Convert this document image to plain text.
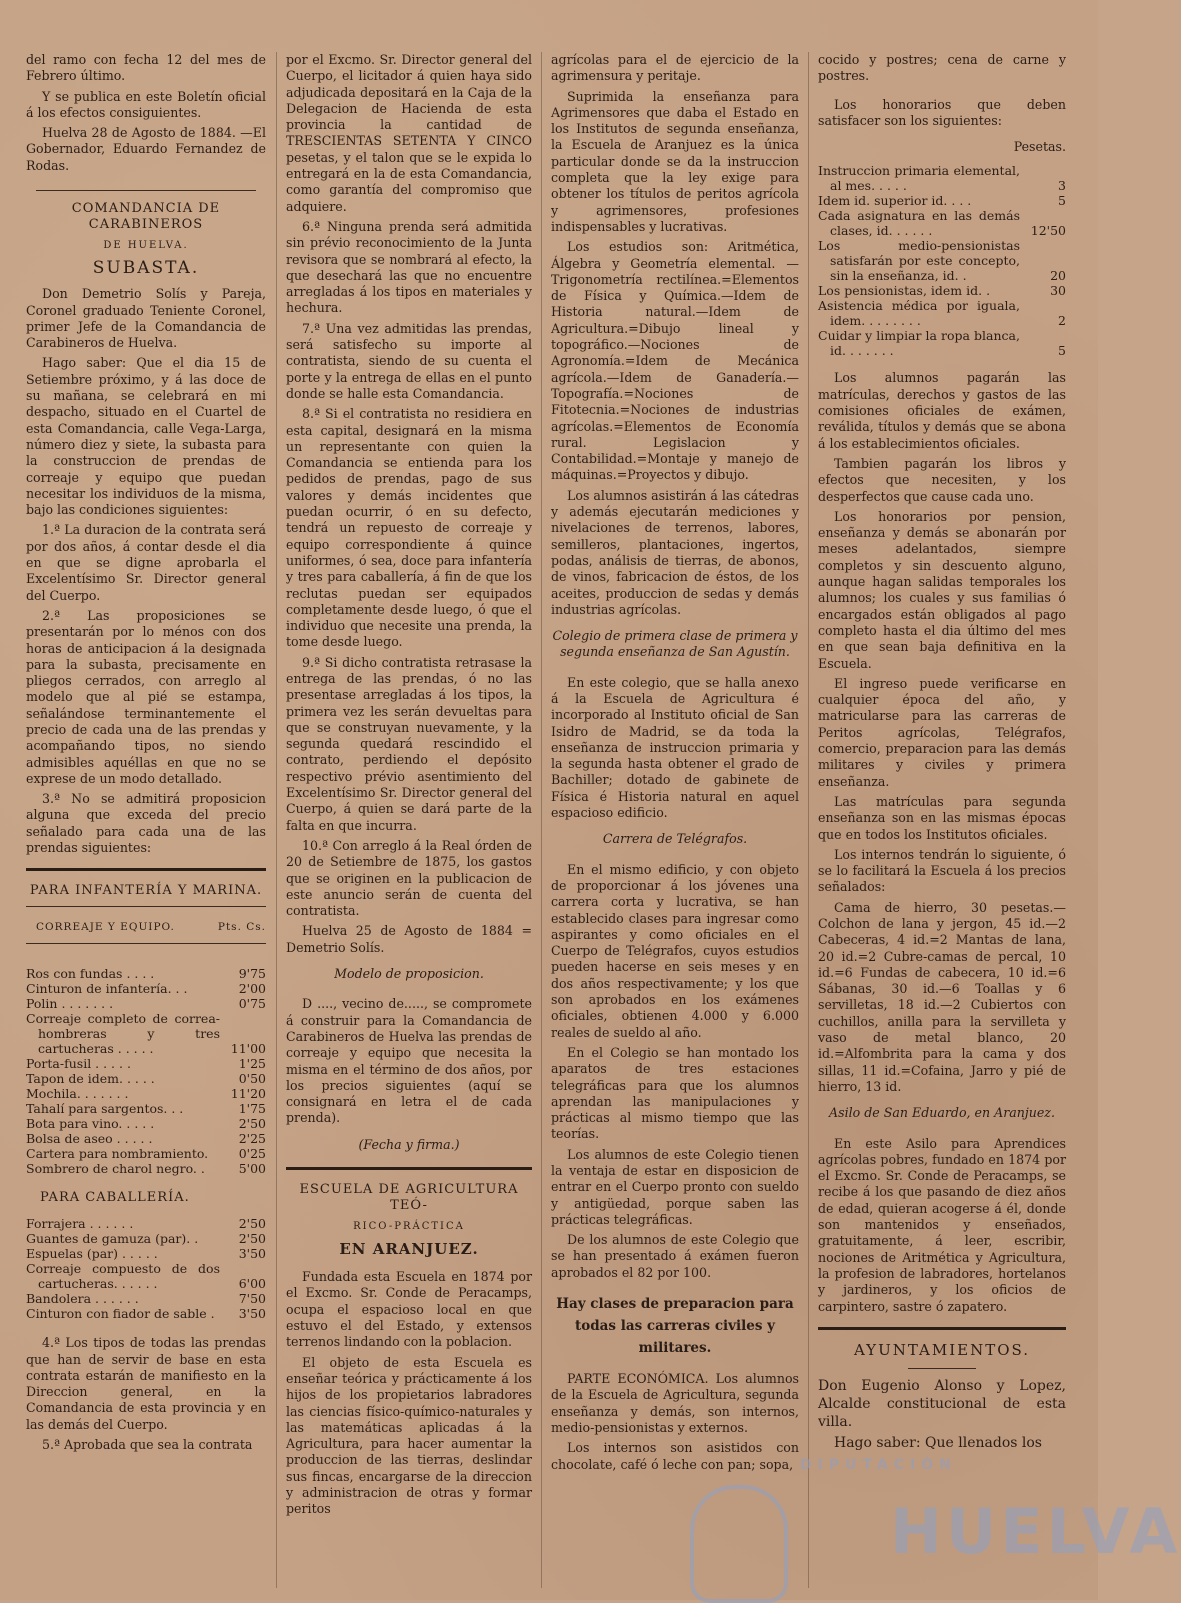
del ramo con fecha 12 del mes de Febrero último.

Y se publica en este Boletín oficial á los efectos consiguientes.

Huelva 28 de Agosto de 1884. —El Gobernador, Eduardo Fernandez de Rodas.

COMANDANCIA DE CARABINEROS
DE HUELVA.
SUBASTA.

Don Demetrio Solís y Pareja, Coronel graduado Teniente Coronel, primer Jefe de la Comandancia de Carabineros de Huelva.

Hago saber: Que el dia 15 de Setiembre próximo, y á las doce de su mañana, se celebrará en mi despacho, situado en el Cuartel de esta Comandancia, calle Vega-Larga, número diez y siete, la subasta para la construccion de prendas de correaje y equipo que puedan necesitar los individuos de la misma, bajo las condiciones siguientes:

1.ª La duracion de la contrata será por dos años, á contar desde el dia en que se digne aprobarla el Excelentísimo Sr. Director general del Cuerpo.

2.ª Las proposiciones se presentarán por lo ménos con dos horas de anticipacion á la designada para la subasta, precisamente en pliegos cerrados, con arreglo al modelo que al pié se estampa, señalándose terminantemente el precio de cada una de las prendas y acompañando tipos, no siendo admisibles aquéllas en que no se exprese de un modo detallado.

3.ª No se admitirá proposicion alguna que exceda del precio señalado para cada una de las prendas siguientes:

PARA INFANTERÍA Y MARINA.
CORREAJE Y EQUIPO.	Pts. Cs.
Ros con fundas . . . .	9'75
Cinturon de infantería. . .	2'00
Polin . . . . . . .	0'75
Correaje completo de correa-hombreras y tres cartucheras . . . . .	11'00
Porta-fusil . . . . .	1'25
Tapon de idem. . . . .	0'50
Mochila. . . . . . .	11'20
Tahalí para sargentos. . .	1'75
Bota para vino. . . . .	2'50
Bolsa de aseo . . . . .	2'25
Cartera para nombramiento.	0'25
Sombrero de charol negro. .	5'00
PARA CABALLERÍA.
Forrajera . . . . . .	2'50
Guantes de gamuza (par). .	2'50
Espuelas (par) . . . . .	3'50
Correaje compuesto de dos cartucheras. . . . . .	6'00
Bandolera . . . . . .	7'50
Cinturon con fiador de sable .	3'50

4.ª Los tipos de todas las prendas que han de servir de base en esta contrata estarán de manifiesto en la Direccion general, en la Comandancia de esta provincia y en las demás del Cuerpo.

5.ª Aprobada que sea la contrata

por el Excmo. Sr. Director general del Cuerpo, el licitador á quien haya sido adjudicada depositará en la Caja de la Delegacion de Hacienda de esta provincia la cantidad de TRESCIENTAS SETENTA Y CINCO pesetas, y el talon que se le expida lo entregará en la de esta Comandancia, como garantía del compromiso que adquiere.

6.ª Ninguna prenda será admitida sin prévio reconocimiento de la Junta revisora que se nombrará al efecto, la que desechará las que no encuentre arregladas á los tipos en materiales y hechura.

7.ª Una vez admitidas las prendas, será satisfecho su importe al contratista, siendo de su cuenta el porte y la entrega de ellas en el punto donde se halle esta Comandancia.

8.ª Si el contratista no residiera en esta capital, designará en la misma un representante con quien la Comandancia se entienda para los pedidos de prendas, pago de sus valores y demás incidentes que puedan ocurrir, ó en su defecto, tendrá un repuesto de correaje y equipo correspondiente á quince uniformes, ó sea, doce para infantería y tres para caballería, á fin de que los reclutas puedan ser equipados completamente desde luego, ó que el individuo que necesite una prenda, la tome desde luego.

9.ª Si dicho contratista retrasase la entrega de las prendas, ó no las presentase arregladas á los tipos, la primera vez les serán devueltas para que se construyan nuevamente, y la segunda quedará rescindido el contrato, perdiendo el depósito respectivo prévio asentimiento del Excelentísimo Sr. Director general del Cuerpo, á quien se dará parte de la falta en que incurra.

10.ª Con arreglo á la Real órden de 20 de Setiembre de 1875, los gastos que se originen en la publicacion de este anuncio serán de cuenta del contratista.

Huelva 25 de Agosto de 1884 = Demetrio Solís.

Modelo de proposicion.

D ...., vecino de....., se compromete á construir para la Comandancia de Carabineros de Huelva las prendas de correaje y equipo que necesita la misma en el término de dos años, por los precios siguientes (aquí se consignará en letra el de cada prenda).

(Fecha y firma.)
ESCUELA DE AGRICULTURA TEÓ-
RICO-PRÁCTICA
EN ARANJUEZ.

Fundada esta Escuela en 1874 por el Excmo. Sr. Conde de Peracamps, ocupa el espacioso local en que estuvo el del Estado, y extensos terrenos lindando con la poblacion.

El objeto de esta Escuela es enseñar teórica y prácticamente á los hijos de los propietarios labradores las ciencias físico-químico-naturales y las matemáticas aplicadas á la Agricultura, para hacer aumentar la produccion de las tierras, deslindar sus fincas, encargarse de la direccion y administracion de otras y formar peritos

agrícolas para el de ejercicio de la agrimensura y peritaje.

Suprimida la enseñanza para Agrimensores que daba el Estado en los Institutos de segunda enseñanza, la Escuela de Aranjuez es la única particular donde se da la instruccion completa que la ley exige para obtener los títulos de peritos agrícola y agrimensores, profesiones indispensables y lucrativas.

Los estudios son: Aritmética, Álgebra y Geometría elemental. —Trigonometría rectilínea.=Elementos de Física y Química.—Idem de Historia natural.—Idem de Agricultura.=Dibujo lineal y topográfico.—Nociones de Agronomía.=Idem de Mecánica agrícola.—Idem de Ganadería.—Topografía.=Nociones de Fitotecnia.=Nociones de industrias agrícolas.=Elementos de Economía rural. Legislacion y Contabilidad.=Montaje y manejo de máquinas.=Proyectos y dibujo.

Los alumnos asistirán á las cátedras y además ejecutarán mediciones y nivelaciones de terrenos, labores, semilleros, plantaciones, ingertos, podas, análisis de tierras, de abonos, de vinos, fabricacion de éstos, de los aceites, produccion de sedas y demás industrias agrícolas.

Colegio de primera clase de primera y segunda enseñanza de San Agustín.

En este colegio, que se halla anexo á la Escuela de Agricultura é incorporado al Instituto oficial de San Isidro de Madrid, se da toda la enseñanza de instruccion primaria y la segunda hasta obtener el grado de Bachiller; dotado de gabinete de Física é Historia natural en aquel espacioso edificio.

Carrera de Telégrafos.

En el mismo edificio, y con objeto de proporcionar á los jóvenes una carrera corta y lucrativa, se han establecido clases para ingresar como aspirantes y como oficiales en el Cuerpo de Telégrafos, cuyos estudios pueden hacerse en seis meses y en dos años respectivamente; y los que son aprobados en los exámenes oficiales, obtienen 4.000 y 6.000 reales de sueldo al año.

En el Colegio se han montado los aparatos de tres estaciones telegráficas para que los alumnos aprendan las manipulaciones y prácticas al mismo tiempo que las teorías.

Los alumnos de este Colegio tienen la ventaja de estar en disposicion de entrar en el Cuerpo pronto con sueldo y antigüedad, porque saben las prácticas telegráficas.

De los alumnos de este Colegio que se han presentado á exámen fueron aprobados el 82 por 100.

Hay clases de preparacion para todas las carreras civiles y militares.

PARTE ECONÓMICA. Los alumnos de la Escuela de Agricultura, segunda enseñanza y demás, son internos, medio-pensionistas y externos.

Los internos son asistidos con chocolate, café ó leche con pan; sopa,

cocido y postres; cena de carne y postres.

Los honorarios que deben satisfacer son los siguientes:

Pesetas.
Instruccion primaria elemental, al mes. . . . .	3
Idem id. superior id. . . .	5
Cada asignatura en las demás clases, id. . . . . .	12'50
Los medio-pensionistas satisfarán por este concepto, sin la enseñanza, id. .	20
Los pensionistas, idem id. .	30
Asistencia médica por iguala, idem. . . . . . . .	2
Cuidar y limpiar la ropa blanca, id. . . . . . .	5

Los alumnos pagarán las matrículas, derechos y gastos de las comisiones oficiales de exámen, reválida, títulos y demás que se abona á los establecimientos oficiales.

Tambien pagarán los libros y efectos que necesiten, y los desperfectos que cause cada uno.

Los honorarios por pension, enseñanza y demás se abonarán por meses adelantados, siempre completos y sin descuento alguno, aunque hagan salidas temporales los alumnos; los cuales y sus familias ó encargados están obligados al pago completo hasta el dia último del mes en que sean baja definitiva en la Escuela.

El ingreso puede verificarse en cualquier época del año, y matricularse para las carreras de Peritos agrícolas, Telégrafos, comercio, preparacion para las demás militares y civiles y primera enseñanza.

Las matrículas para segunda enseñanza son en las mismas épocas que en todos los Institutos oficiales.

Los internos tendrán lo siguiente, ó se lo facilitará la Escuela á los precios señalados:

Cama de hierro, 30 pesetas.—Colchon de lana y jergon, 45 id.—2 Cabeceras, 4 id.=2 Mantas de lana, 20 id.=2 Cubre-camas de percal, 10 id.=6 Fundas de cabecera, 10 id.=6 Sábanas, 30 id.—6 Toallas y 6 servilletas, 18 id.—2 Cubiertos con cuchillos, anilla para la servilleta y vaso de metal blanco, 20 id.=Alfombrita para la cama y dos sillas, 11 id.=Cofaina, Jarro y pié de hierro, 13 id.

Asilo de San Eduardo, en Aranjuez.

En este Asilo para Aprendices agrícolas pobres, fundado en 1874 por el Excmo. Sr. Conde de Peracamps, se recibe á los que pasando de diez años de edad, quieran acogerse á él, donde son mantenidos y enseñados, gratuitamente, á leer, escribir, nociones de Aritmética y Agricultura, la profesion de labradores, hortelanos y jardineros, y los oficios de carpintero, sastre ó zapatero.

AYUNTAMIENTOS.

Don Eugenio Alonso y Lopez, Alcalde constitucional de esta villa.

Hago saber: Que llenados los

DIPUTACIÓN
HUELVA
